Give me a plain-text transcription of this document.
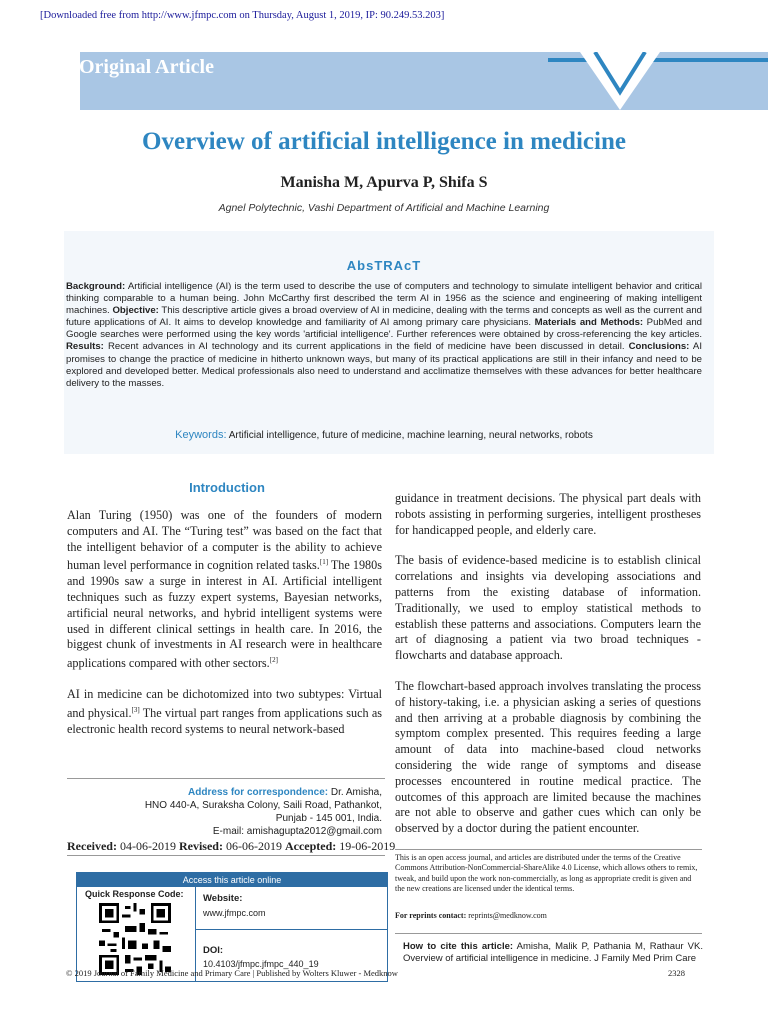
[Downloaded free from http://www.jfmpc.com on Thursday, August 1, 2019, IP: 90.249.53.203]
Original Article
Overview of artificial intelligence in medicine
Manisha M, Apurva P, Shifa S
Agnel Polytechnic, Vashi Department of Artificial and Machine Learning
AbsTRAcT
Background: Artificial intelligence (AI) is the term used to describe the use of computers and technology to simulate intelligent behavior and critical thinking comparable to a human being. John McCarthy first described the term AI in 1956 as the science and engineering of making intelligent machines. Objective: This descriptive article gives a broad overview of AI in medicine, dealing with the terms and concepts as well as the current and future applications of AI. It aims to develop knowledge and familiarity of AI among primary care physicians. Materials and Methods: PubMed and Google searches were performed using the key words 'artificial intelligence'. Further references were obtained by cross-referencing the key articles. Results: Recent advances in AI technology and its current applications in the field of medicine have been discussed in detail. Conclusions: AI promises to change the practice of medicine in hitherto unknown ways, but many of its practical applications are still in their infancy and need to be explored and developed better. Medical professionals also need to understand and acclimatize themselves with these advances for better healthcare delivery to the masses.
Keywords: Artificial intelligence, future of medicine, machine learning, neural networks, robots
Introduction

Alan Turing (1950) was one of the founders of modern computers and AI. The “Turing test” was based on the fact that the intelligent behavior of a computer is the ability to achieve human level performance in cognition related tasks.[1] The 1980s and 1990s saw a surge in interest in AI. Artificial intelligent techniques such as fuzzy expert systems, Bayesian networks, artificial neural networks, and hybrid intelligent systems were used in different clinical settings in health care. In 2016, the biggest chunk of investments in AI research were in healthcare applications compared with other sectors.[2]

AI in medicine can be dichotomized into two subtypes: Virtual and physical.[3] The virtual part ranges from applications such as electronic health record systems to neural network-based

guidance in treatment decisions. The physical part deals with robots assisting in performing surgeries, intelligent prostheses for handicapped people, and elderly care.

The basis of evidence-based medicine is to establish clinical correlations and insights via developing associations and patterns from the existing database of information. Traditionally, we used to employ statistical methods to establish these patterns and associations. Computers learn the art of diagnosing a patient via two broad techniques - flowcharts and database approach.

The flowchart-based approach involves translating the process of history-taking, i.e. a physician asking a series of questions and then arriving at a probable diagnosis by combining the symptom complex presented. This requires feeding a large amount of data into machine-based cloud networks considering the wide range of symptoms and disease processes encountered in routine medical practice. The outcomes of this approach are limited because the machines are not able to observe and gather cues which can only be observed by a doctor during the patient encounter.

Address for correspondence: Dr. Amisha,
HNO 440-A, Suraksha Colony, Saili Road, Pathankot,
Punjab - 145 001, India.
E-mail: amishagupta2012@gmail.com
Received: 04-06-2019 Revised: 06-06-2019 Accepted: 19-06-2019
Access this article online
Quick Response Code: Website:
www.jfmpc.com
DOI:
10.4103/jfmpc.jfmpc_440_19
This is an open access journal, and articles are distributed under the terms of the Creative Commons Attribution-NonCommercial-ShareAlike 4.0 License, which allows others to remix, tweak, and build upon the work non-commercially, as long as appropriate credit is given and the new creations are licensed under the identical terms.
For reprints contact: reprints@medknow.com
How to cite this article: Amisha, Malik P, Pathania M, Rathaur VK. Overview of artificial intelligence in medicine. J Family Med Prim Care
© 2019 Journal of Family Medicine and Primary Care | Published by Wolters Kluwer - Medknow	2328
